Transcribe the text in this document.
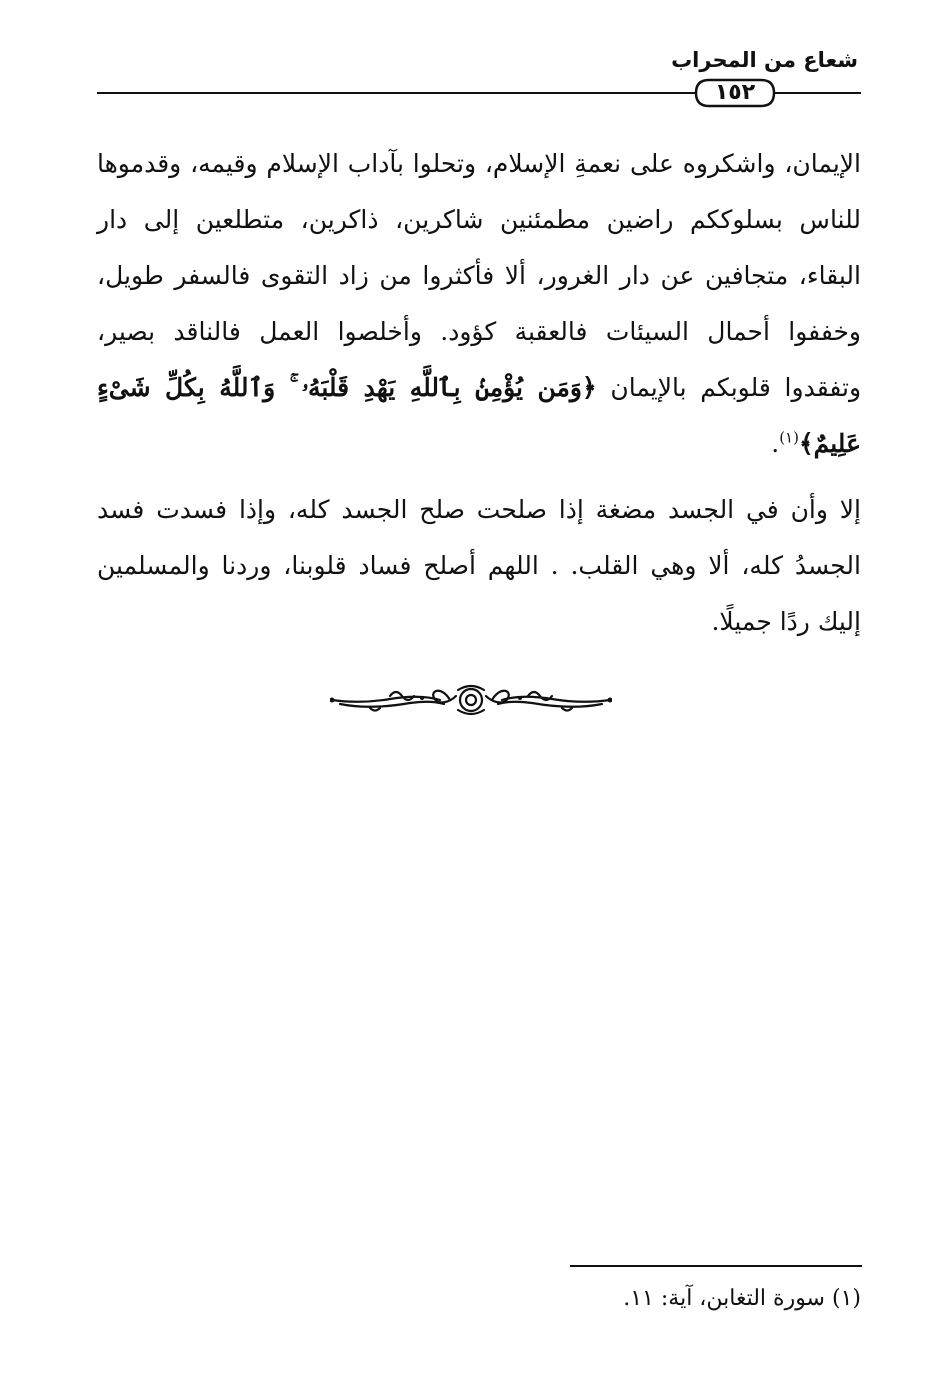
شعاع من المحراب
١٥٢

الإيمان، واشكروه على نعمةِ الإسلام، وتحلوا بآداب الإسلام وقيمه، وقدموها للناس بسلوككم راضين مطمئنين شاكرين، ذاكرين، متطلعين إلى دار البقاء، متجافين عن دار الغرور، ألا فأكثروا من زاد التقوى فالسفر طويل، وخففوا أحمال السيئات فالعقبة كؤود. وأخلصوا العمل فالناقد بصير، وتفقدوا قلوبكم بالإيمان ﴿وَمَن يُؤْمِنۢ بِٱللَّهِ يَهْدِ قَلْبَهُۥ ۚ وَٱللَّهُ بِكُلِّ شَىْءٍ عَلِيمٌ﴾$^{(١)}$.

إلا وأن في الجسد مضغة إذا صلحت صلح الجسد كله، وإذا فسدت فسد الجسدُ كله، ألا وهي القلب. . اللهم أصلح فساد قلوبنا، وردنا والمسلمين إليك ردًا جميلًا.

(١) سورة التغابن، آية: ١١.
